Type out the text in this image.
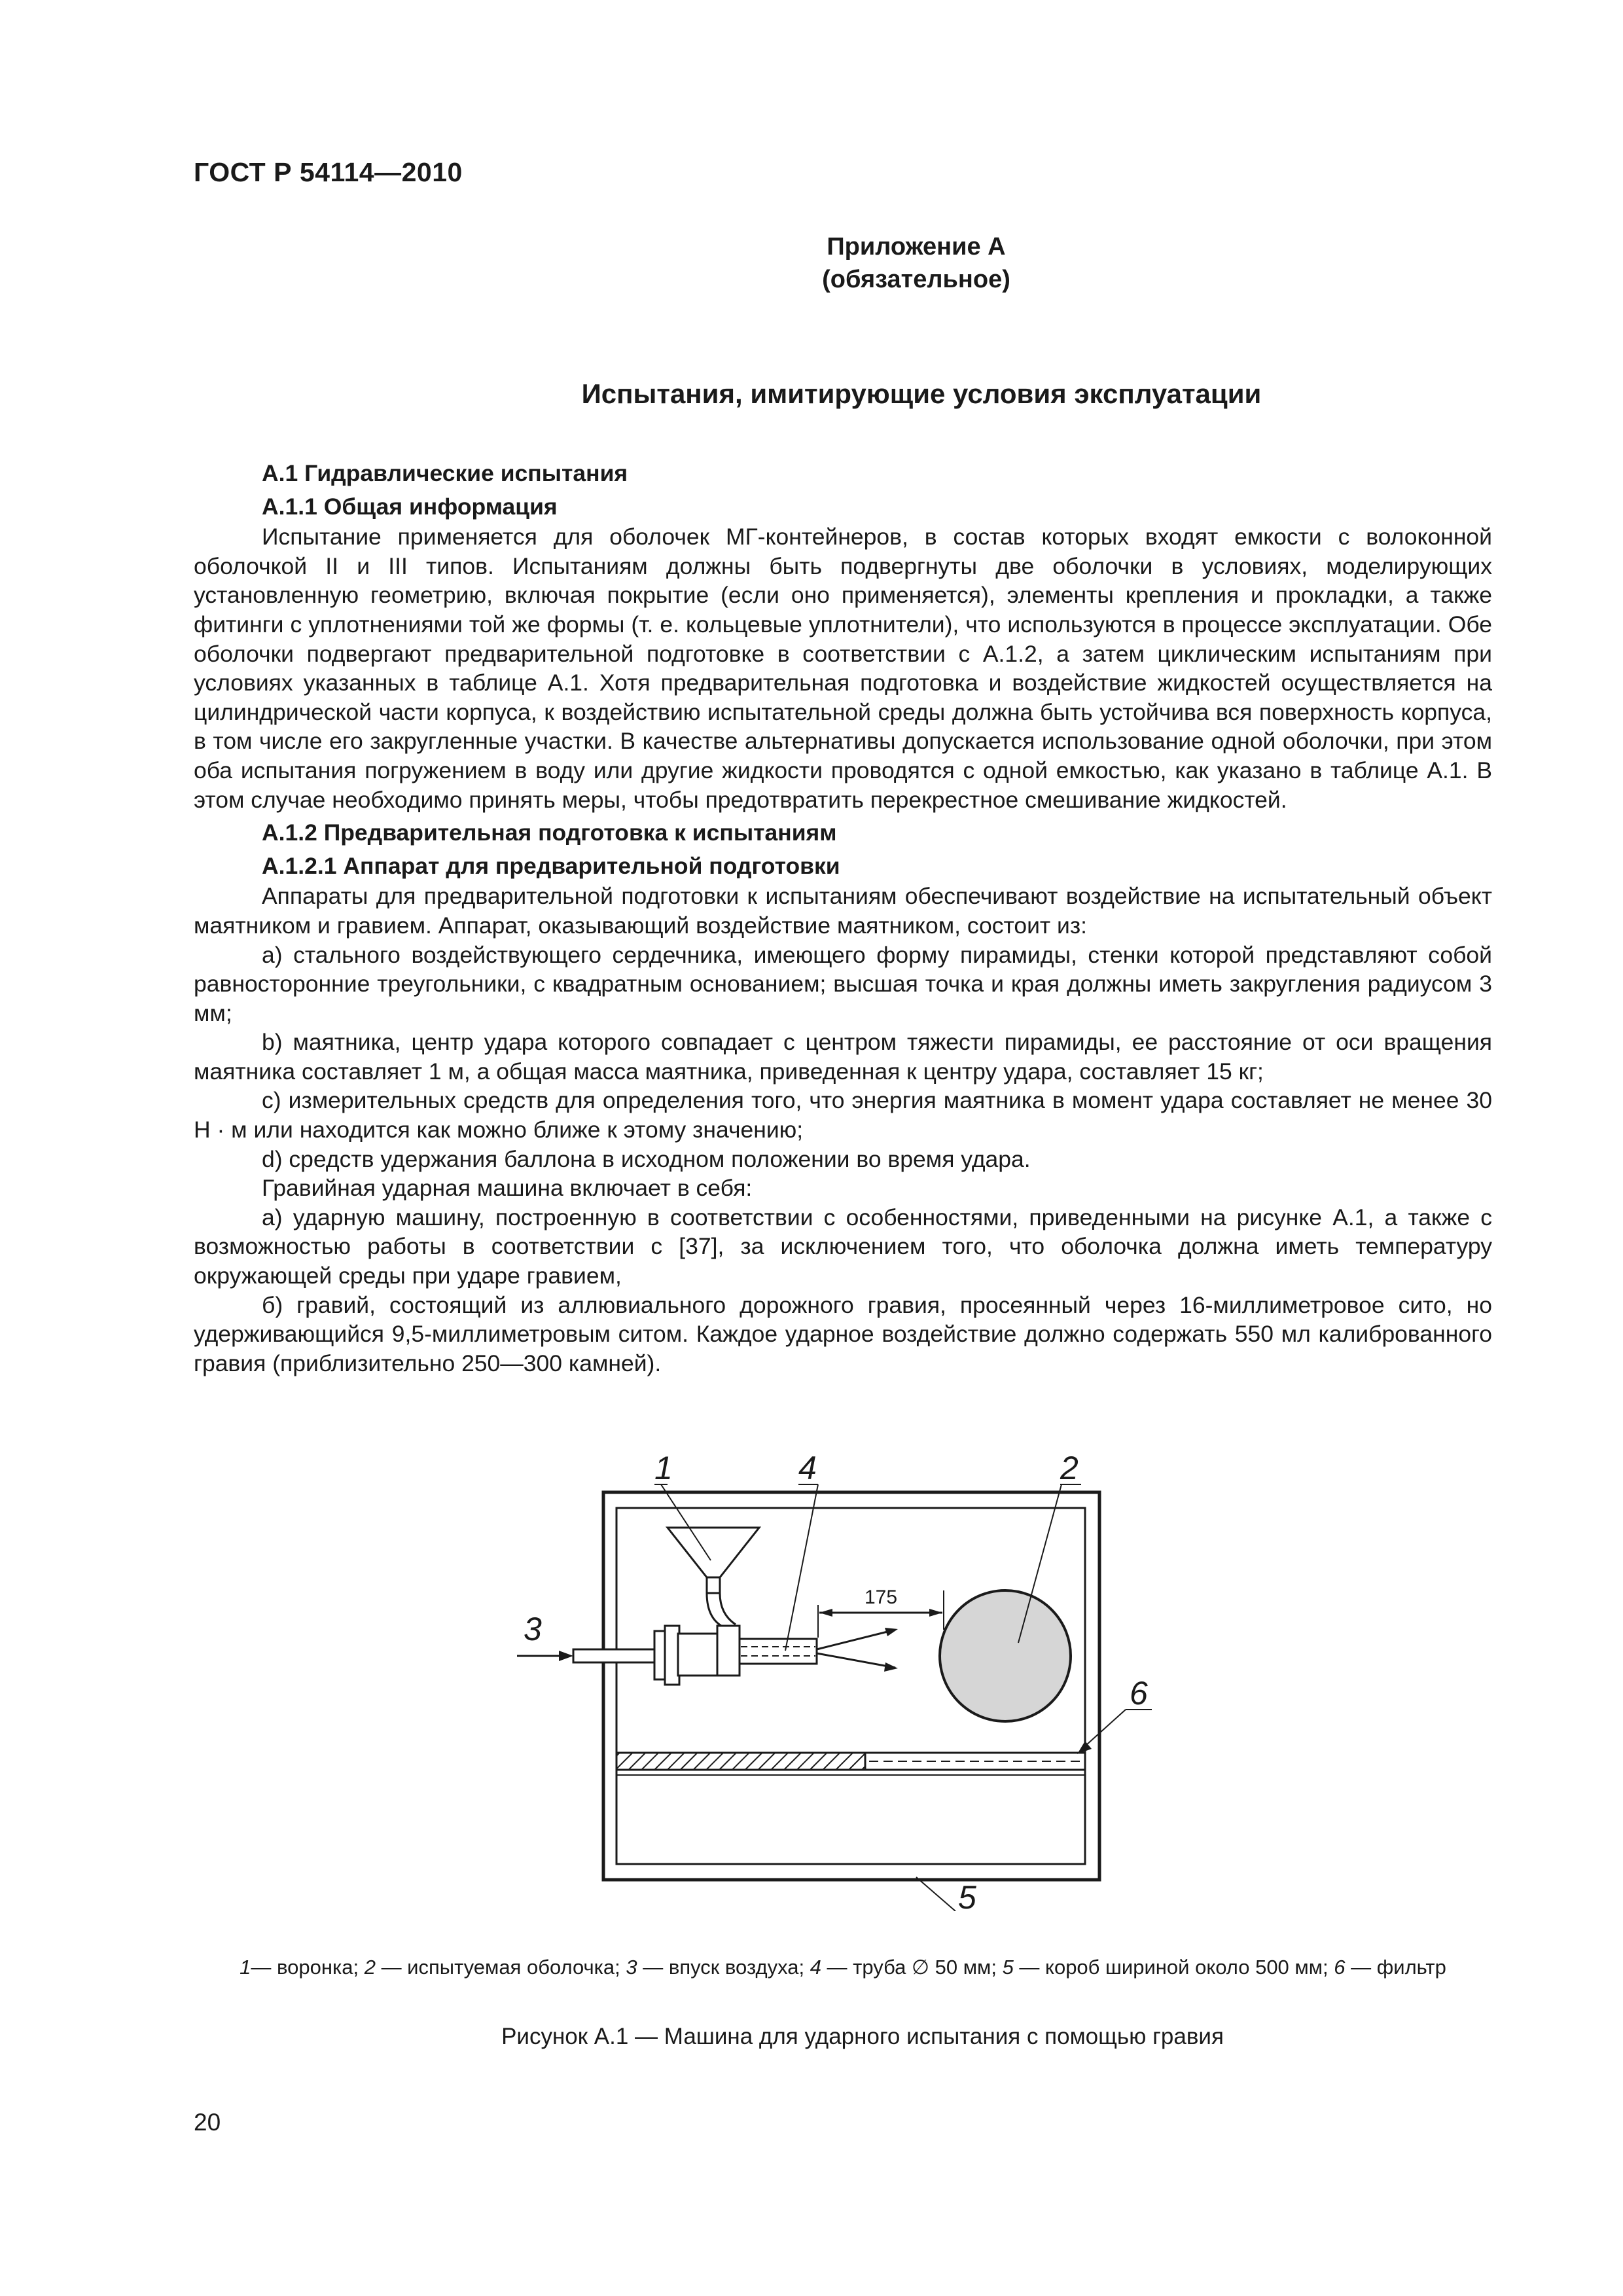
ГОСТ Р 54114—2010
Приложение А
(обязательное)
Испытания, имитирующие условия эксплуатации
А.1 Гидравлические испытания
А.1.1 Общая информация

Испытание применяется для оболочек МГ-контейнеров, в состав которых входят емкости с волоконной оболочкой II и III типов. Испытаниям должны быть подвергнуты две оболочки в условиях, моделирующих установленную геометрию, включая покрытие (если оно применяется), элементы крепления и прокладки, а также фитинги с уплотнениями той же формы (т. е. кольцевые уплотнители), что используются в процессе эксплуатации. Обе оболочки подвергают предварительной подготовке в соответствии с А.1.2, а затем циклическим испытаниям при условиях указанных в таблице А.1. Хотя предварительная подготовка и воздействие жидкостей осуществляется на цилиндрической части корпуса, к воздействию испытательной среды должна быть устойчива вся поверхность корпуса, в том числе его закругленные участки. В качестве альтернативы допускается использование одной оболочки, при этом оба испытания погружением в воду или другие жидкости проводятся с одной емкостью, как указано в таблице А.1. В этом случае необходимо принять меры, чтобы предотвратить перекрестное смешивание жидкостей.

А.1.2 Предварительная подготовка к испытаниям
А.1.2.1 Аппарат для предварительной подготовки

Аппараты для предварительной подготовки к испытаниям обеспечивают воздействие на испытательный объект маятником и гравием. Аппарат, оказывающий воздействие маятником, состоит из:

a) стального воздействующего сердечника, имеющего форму пирамиды, стенки которой представляют собой равносторонние треугольники, с квадратным основанием; высшая точка и края должны иметь закругления радиусом 3 мм;

b) маятника, центр удара которого совпадает с центром тяжести пирамиды, ее расстояние от оси вращения маятника составляет 1 м, а общая масса маятника, приведенная к центру удара, составляет 15 кг;

c) измерительных средств для определения того, что энергия маятника в момент удара составляет не менее 30 Н · м или находится как можно ближе к этому значению;

d) средств удержания баллона в исходном положении во время удара.

Гравийная ударная машина включает в себя:

a) ударную машину, построенную в соответствии с особенностями, приведенными на рисунке А.1, а также с возможностью работы в соответствии с [37], за исключением того, что оболочка должна иметь температуру окружающей среды при ударе гравием,

б) гравий, состоящий из аллювиального дорожного гравия, просеянный через 16-миллиметровое сито, но удерживающийся 9,5-миллиметровым ситом. Каждое ударное воздействие должно содержать 550 мл калиброванного гравия (приблизительно 250—300 камней).

175
1	4	2
3
6
5
1— воронка; 2 — испытуемая оболочка; 3 — впуск воздуха; 4 — труба ∅ 50 мм; 5 — короб шириной около 500 мм; 6 — фильтр
Рисунок А.1 — Машина для ударного испытания с помощью гравия
20
